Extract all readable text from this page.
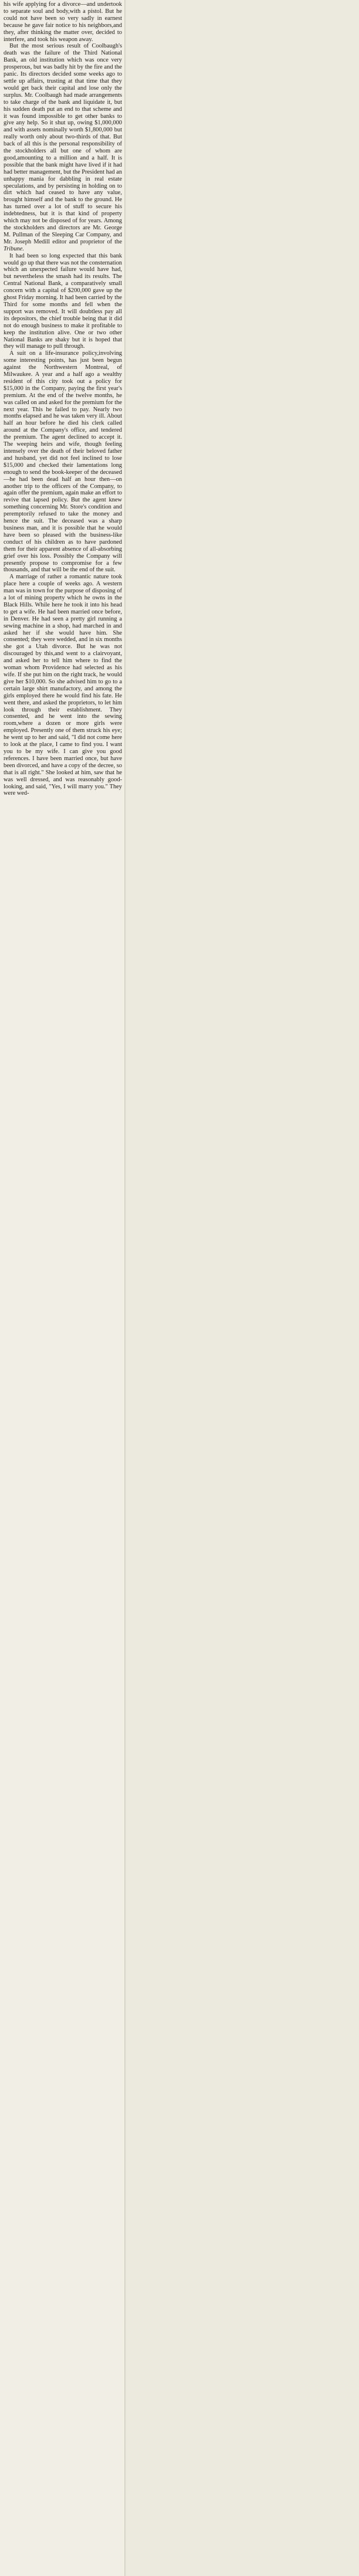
his wife applying for a divorce—and undertook to separate soul and body,with a pistol. But he could not have been so very sadly in earnest because he gave fair notice to his neighbors,and they, after thinking the matter over, decided to interfere, and took his weapon away.

But the most serious result of Coolbaugh's death was the failure of the Third National Bank, an old institution which was once very prosperous, but was badly hit by the fire and the panic. Its directors decided some weeks ago to settle up affairs, trusting at that time that they would get back their capital and lose only the surplus. Mr. Coolbaugh had made arrangements to take charge of the bank and liquidate it, but his sudden death put an end to that scheme and it was found impossible to get other banks to give any help. So it shut up, owing $1,000,000 and with assets nominally worth $1,800,000 but really worth only about two-thirds of that. But back of all this is the personal responsibility of the stockholders all but one of whom are good,amounting to a million and a half. It is possible that the bank might have lived if it had had better management, but the President had an unhappy mania for dabbling in real estate speculations, and by persisting in holding on to dirt which had ceased to have any value, brought himself and the bank to the ground. He has turned over a lot of stuff to secure his indebtedness, but it is that kind of property which may not be disposed of for years. Among the stockholders and directors are Mr. George M. Pullman of the Sleeping Car Company, and Mr. Joseph Medill editor and proprietor of the Tribune.

It had been so long expected that this bank would go up that there was not the consternation which an unexpected failure would have had, but nevertheless the smash had its results. The Central National Bank, a comparatively small concern with a capital of $200,000 gave up the ghost Friday morning. It had been carried by the Third for some months and fell when the support was removed. It will doubtless pay all its depositors, the chief trouble being that it did not do enough business to make it profitable to keep the institution alive. One or two other National Banks are shaky but it is hoped that they will manage to pull through.

A suit on a life-insurance policy,involving some interesting points, has just been begun against the Northwestern Montreal, of Milwaukee. A year and a half ago a wealthy resident of this city took out a policy for $15,000 in the Company, paying the first year's premium. At the end of the twelve months, he was called on and asked for the premium for the next year. This he failed to pay. Nearly two months elapsed and he was taken very ill. About half an hour before he died his clerk called around at the Company's office, and tendered the premium. The agent declined to accept it. The weeping heirs and wife, though feeling intensely over the death of their beloved father and husband, yet did not feel inclined to lose $15,000 and checked their lamentations long enough to send the book-keeper of the deceased—he had been dead half an hour then—on another trip to the officers of the Company, to again offer the premium, again make an effort to revive that lapsed policy. But the agent knew something concerning Mr. Store's condition and peremptorily refused to take the money and hence the suit. The deceased was a sharp business man, and it is possible that he would have been so pleased with the business-like conduct of his children as to have pardoned them for their apparent absence of all-absorbing grief over his loss. Possibly the Company will presently propose to compromise for a few thousands, and that will be the end of the suit.

A marriage of rather a romantic nature took place here a couple of weeks ago. A western man was in town for the purpose of disposing of a lot of mining property which he owns in the Black Hills. While here he took it into his head to get a wife. He had been married once before, in Denver. He had seen a pretty girl running a sewing machine in a shop, had marched in and asked her if she would have him. She consented; they were wedded, and in six months she got a Utah divorce. But he was not discouraged by this,and went to a clairvoyant, and asked her to tell him where to find the woman whom Providence had selected as his wife. If she put him on the right track, he would give her $10,000. So she advised him to go to a certain large shirt manufactory, and among the girls employed there he would find his fate. He went there, and asked the proprietors, to let him look through their establishment. They consented, and he went into the sewing room,where a dozen or more girls were employed. Presently one of them struck his eye; he went up to her and said, "I did not come here to look at the place, I came to find you. I want you to be my wife. I can give you good references. I have been married once, but have been divorced, and have a copy of the decree, so that is all right." She looked at him, saw that he was well dressed, and was reasonably good-looking, and said, "Yes, I will marry you." They were wed-
